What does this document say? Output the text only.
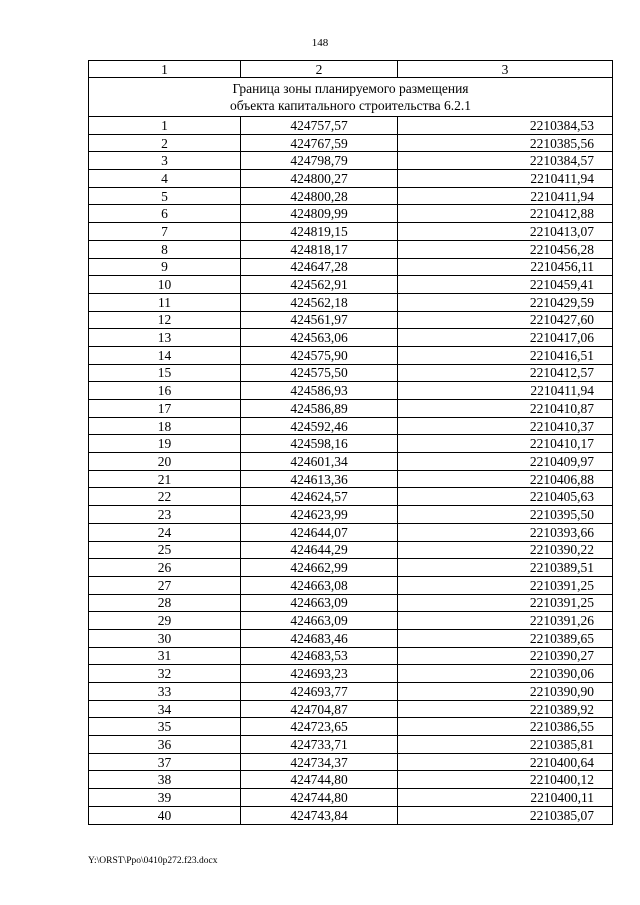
148
1	2	3
Граница зоны планируемого размещения
объекта капитального строительства 6.2.1		
1	424757,57	2210384,53
2	424767,59	2210385,56
3	424798,79	2210384,57
4	424800,27	2210411,94
5	424800,28	2210411,94
6	424809,99	2210412,88
7	424819,15	2210413,07
8	424818,17	2210456,28
9	424647,28	2210456,11
10	424562,91	2210459,41
11	424562,18	2210429,59
12	424561,97	2210427,60
13	424563,06	2210417,06
14	424575,90	2210416,51
15	424575,50	2210412,57
16	424586,93	2210411,94
17	424586,89	2210410,87
18	424592,46	2210410,37
19	424598,16	2210410,17
20	424601,34	2210409,97
21	424613,36	2210406,88
22	424624,57	2210405,63
23	424623,99	2210395,50
24	424644,07	2210393,66
25	424644,29	2210390,22
26	424662,99	2210389,51
27	424663,08	2210391,25
28	424663,09	2210391,25
29	424663,09	2210391,26
30	424683,46	2210389,65
31	424683,53	2210390,27
32	424693,23	2210390,06
33	424693,77	2210390,90
34	424704,87	2210389,92
35	424723,65	2210386,55
36	424733,71	2210385,81
37	424734,37	2210400,64
38	424744,80	2210400,12
39	424744,80	2210400,11
40	424743,84	2210385,07
Y:\ORST\Ppo\0410p272.f23.docx
